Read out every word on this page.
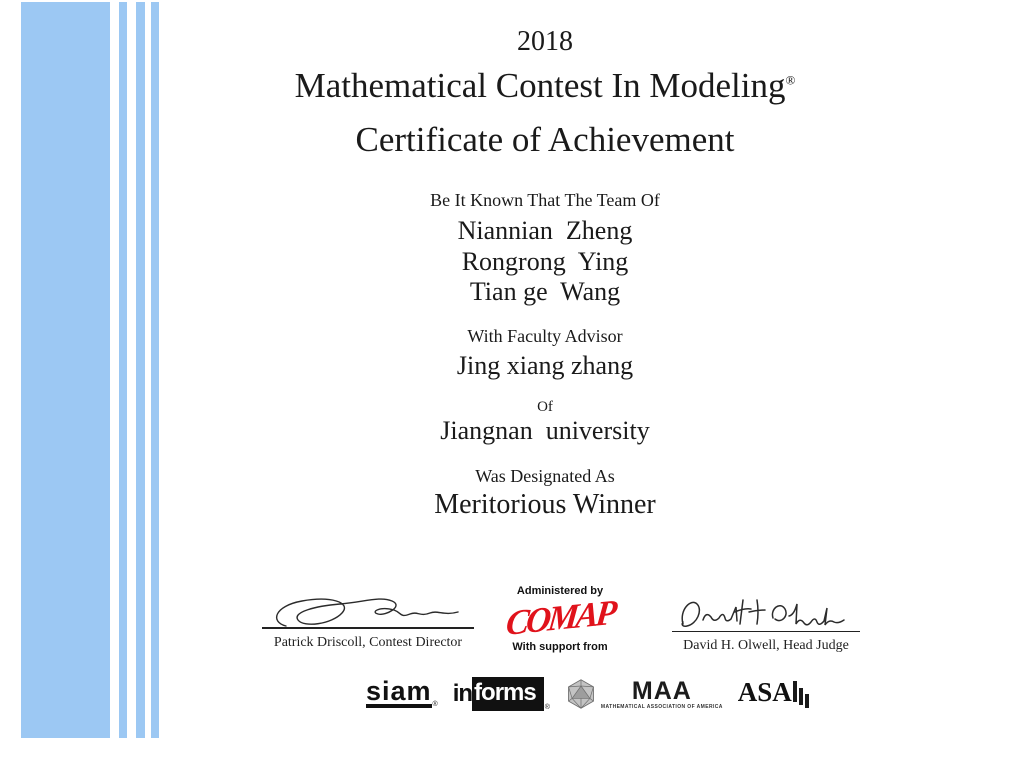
2018
Mathematical Contest In Modeling®
Certificate of Achievement
Be It Known That The Team Of
Niannian  Zheng
Rongrong  Ying
Tian ge  Wang
With Faculty Advisor
Jing xiang zhang
Of
Jiangnan  university
Was Designated As
Meritorious Winner
Patrick Driscoll, Contest Director
Administered by
COMAP
With support from	David H. Olwell, Head Judge
siam ® in forms
®
MAA
MATHEMATICAL ASSOCIATION OF AMERICA ASA
